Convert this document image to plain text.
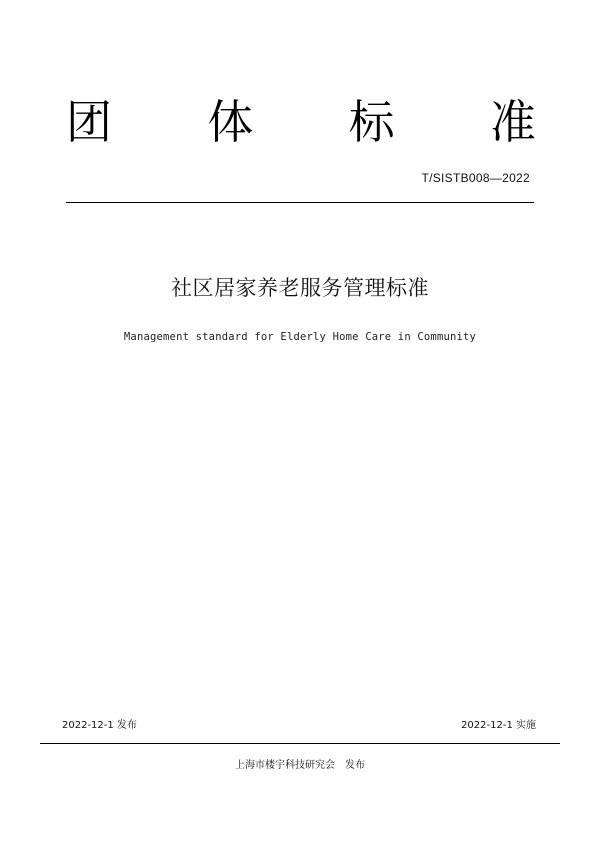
团 体 标 准
T/SISTB008—2022
社区居家养老服务管理标准
Management standard for Elderly Home Care in Community
2022-12-1 发布	2022-12-1 实施
上海市楼宇科技研究会　发布
